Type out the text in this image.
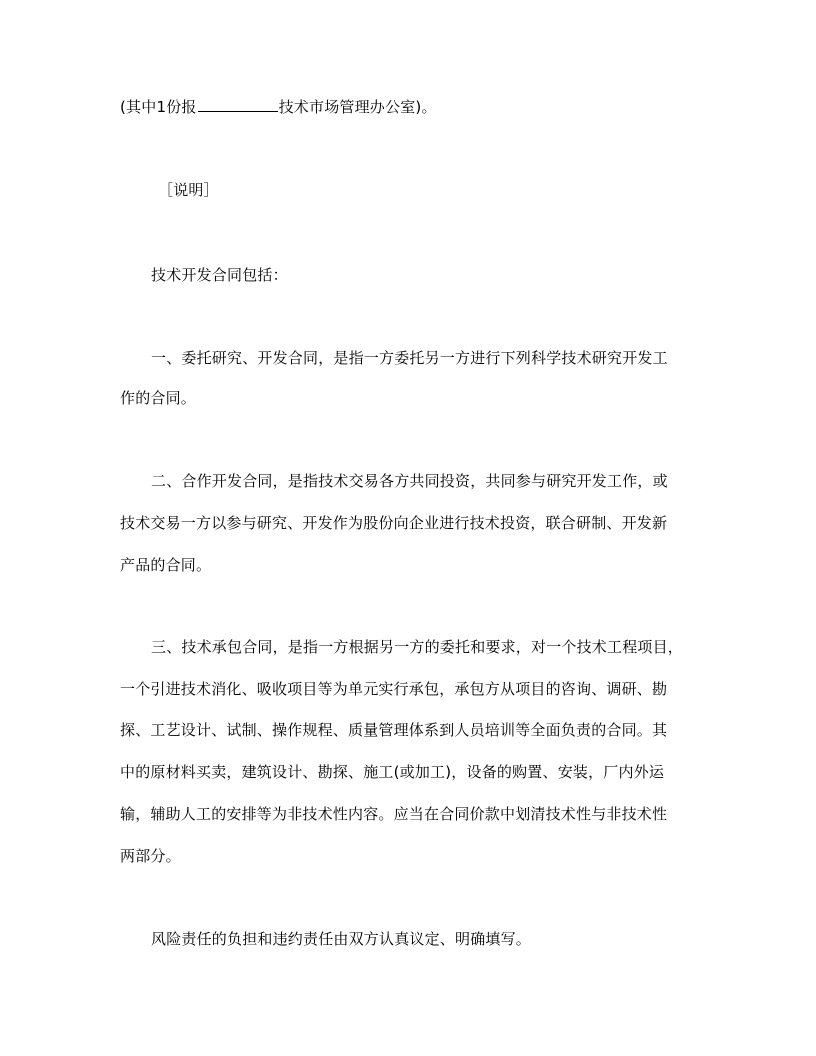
(其中1份报	技术市场管理办公室)。
［说明］
技术开发合同包括：
一、委托研究、开发合同，是指一方委托另一方进行下列科学技术研究开发工
作的合同。
二、合作开发合同，是指技术交易各方共同投资，共同参与研究开发工作，或
技术交易一方以参与研究、开发作为股份向企业进行技术投资，联合研制、开发新
产品的合同。
三、技术承包合同，是指一方根据另一方的委托和要求，对一个技术工程项目，
一个引进技术消化、吸收项目等为单元实行承包，承包方从项目的咨询、调研、勘
探、工艺设计、试制、操作规程、质量管理体系到人员培训等全面负责的合同。其
中的原材料买卖，建筑设计、勘探、施工(或加工)，设备的购置、安装，厂内外运
输，辅助人工的安排等为非技术性内容。应当在合同价款中划清技术性与非技术性
两部分。
风险责任的负担和违约责任由双方认真议定、明确填写。
